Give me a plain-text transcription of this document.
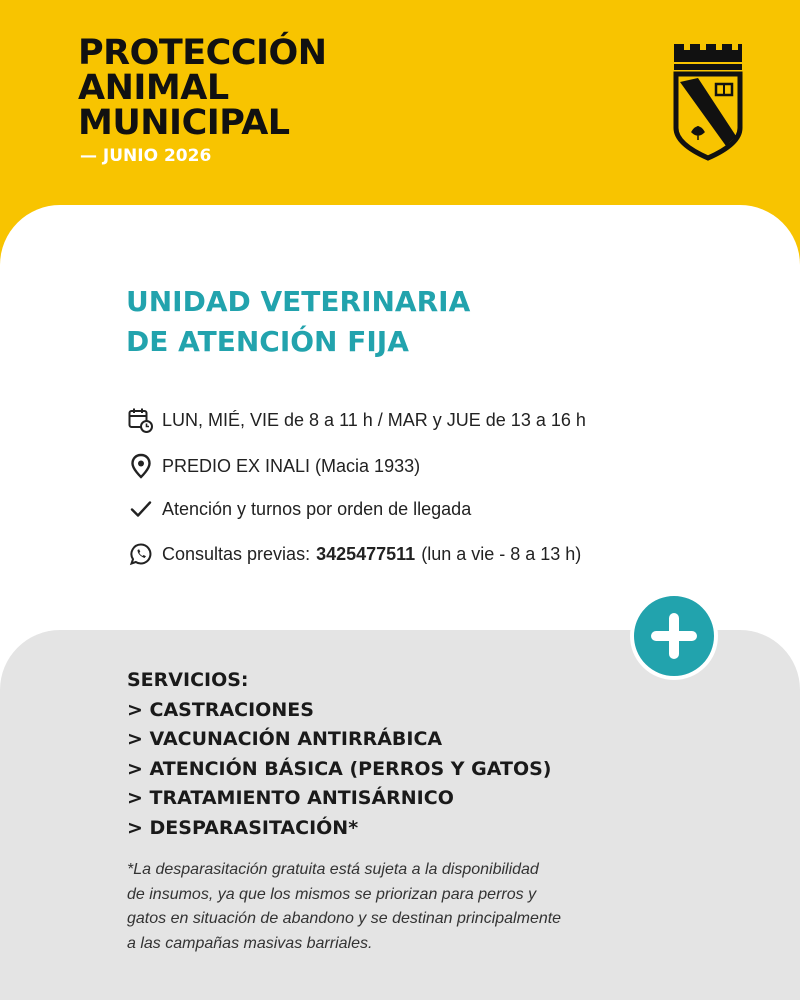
PROTECCIÓN
ANIMAL
MUNICIPAL
— JUNIO 2026
UNIDAD VETERINARIA
DE ATENCIÓN FIJA
LUN, MIÉ, VIE de 8 a 11 h / MAR y JUE de 13 a 16 h
PREDIO EX INALI (Macia 1933)
Atención y turnos por orden de llegada
Consultas previas: 3425477511 (lun a vie - 8 a 13 h)
SERVICIOS:
> CASTRACIONES
> VACUNACIÓN ANTIRRÁBICA
> ATENCIÓN BÁSICA (PERROS Y GATOS)
> TRATAMIENTO ANTISÁRNICO
> DESPARASITACIÓN*
*La desparasitación gratuita está sujeta a la disponibilidad
de insumos, ya que los mismos se priorizan para perros y
gatos en situación de abandono y se destinan principalmente
a las campañas masivas barriales.
